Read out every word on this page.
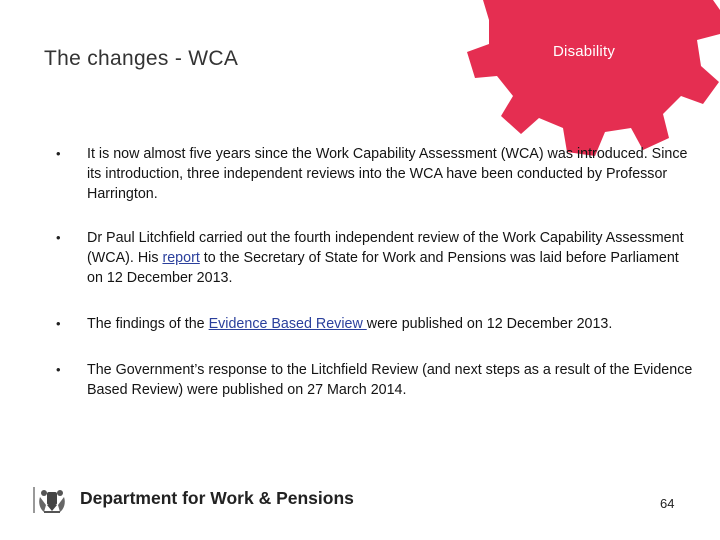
Disability
The changes - WCA
• It is now almost five years since the Work Capability Assessment (WCA) was introduced. Since its introduction, three independent reviews into the WCA have been conducted by Professor Harrington.
• Dr Paul Litchfield carried out the fourth independent review of the Work Capability Assessment (WCA). His report to the Secretary of State for Work and Pensions was laid before Parliament on 12 December 2013.
• The findings of the Evidence Based Review were published on 12 December 2013.
• The Government’s response to the Litchfield Review (and next steps as a result of the Evidence Based Review) were published on 27 March 2014.
Department for Work & Pensions	64
